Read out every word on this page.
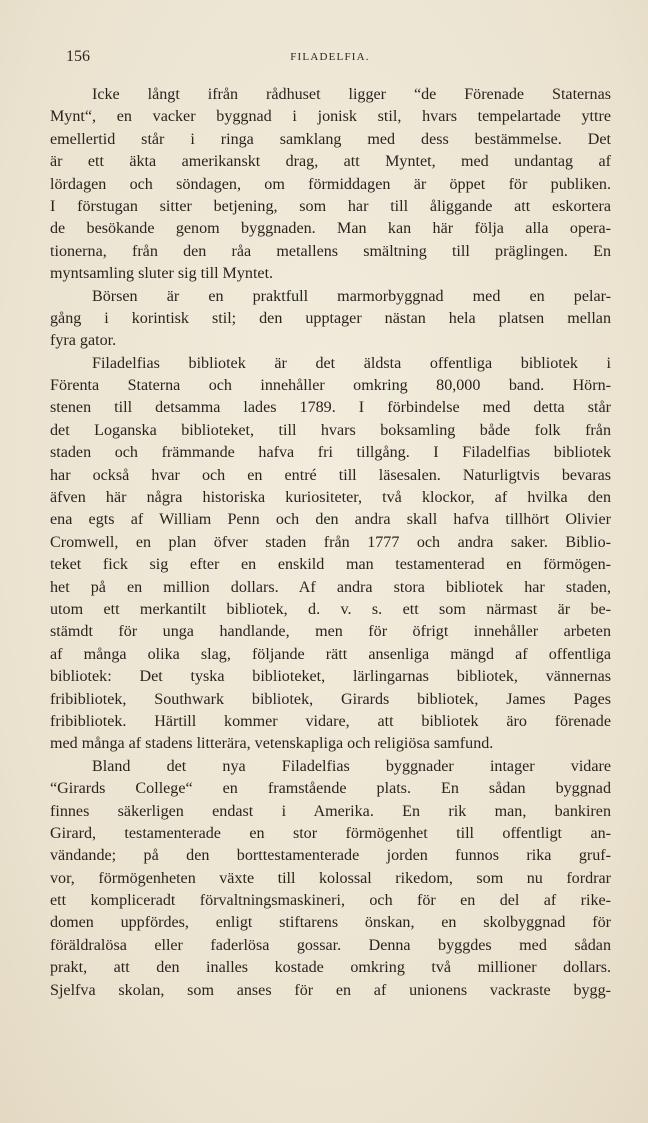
156	FILADELFIA.
Icke långt ifrån rådhuset ligger “de Förenade Staternas
Mynt“, en vacker byggnad i jonisk stil, hvars tempelartade yttre
emellertid står i ringa samklang med dess bestämmelse. Det
är ett äkta amerikanskt drag, att Myntet, med undantag af
lördagen och söndagen, om förmiddagen är öppet för publiken.
I förstugan sitter betjening, som har till åliggande att eskortera
de besökande genom byggnaden. Man kan här följa alla opera-
tionerna, från den råa metallens smältning till präglingen. En
myntsamling sluter sig till Myntet.
Börsen är en praktfull marmorbyggnad med en pelar-
gång i korintisk stil; den upptager nästan hela platsen mellan
fyra gator.
Filadelfias bibliotek är det äldsta offentliga bibliotek i
Förenta Staterna och innehåller omkring 80,000 band. Hörn-
stenen till detsamma lades 1789. I förbindelse med detta står
det Loganska biblioteket, till hvars boksamling både folk från
staden och främmande hafva fri tillgång. I Filadelfias bibliotek
har också hvar och en entré till läsesalen. Naturligtvis bevaras
äfven här några historiska kuriositeter, två klockor, af hvilka den
ena egts af William Penn och den andra skall hafva tillhört Olivier
Cromwell, en plan öfver staden från 1777 och andra saker. Biblio-
teket fick sig efter en enskild man testamenterad en förmögen-
het på en million dollars. Af andra stora bibliotek har staden,
utom ett merkantilt bibliotek, d. v. s. ett som närmast är be-
stämdt för unga handlande, men för öfrigt innehåller arbeten
af många olika slag, följande rätt ansenliga mängd af offentliga
bibliotek: Det tyska biblioteket, lärlingarnas bibliotek, vännernas
fribibliotek, Southwark bibliotek, Girards bibliotek, James Pages
fribibliotek. Härtill kommer vidare, att bibliotek äro förenade
med många af stadens litterära, vetenskapliga och religiösa samfund.
Bland det nya Filadelfias byggnader intager vidare
“Girards College“ en framstående plats. En sådan byggnad
finnes säkerligen endast i Amerika. En rik man, bankiren
Girard, testamenterade en stor förmögenhet till offentligt an-
vändande; på den borttestamenterade jorden funnos rika gruf-
vor, förmögenheten växte till kolossal rikedom, som nu fordrar
ett kompliceradt förvaltningsmaskineri, och för en del af rike-
domen uppfördes, enligt stiftarens önskan, en skolbyggnad för
föräldralösa eller faderlösa gossar. Denna byggdes med sådan
prakt, att den inalles kostade omkring två millioner dollars.
Sjelfva skolan, som anses för en af unionens vackraste bygg-
